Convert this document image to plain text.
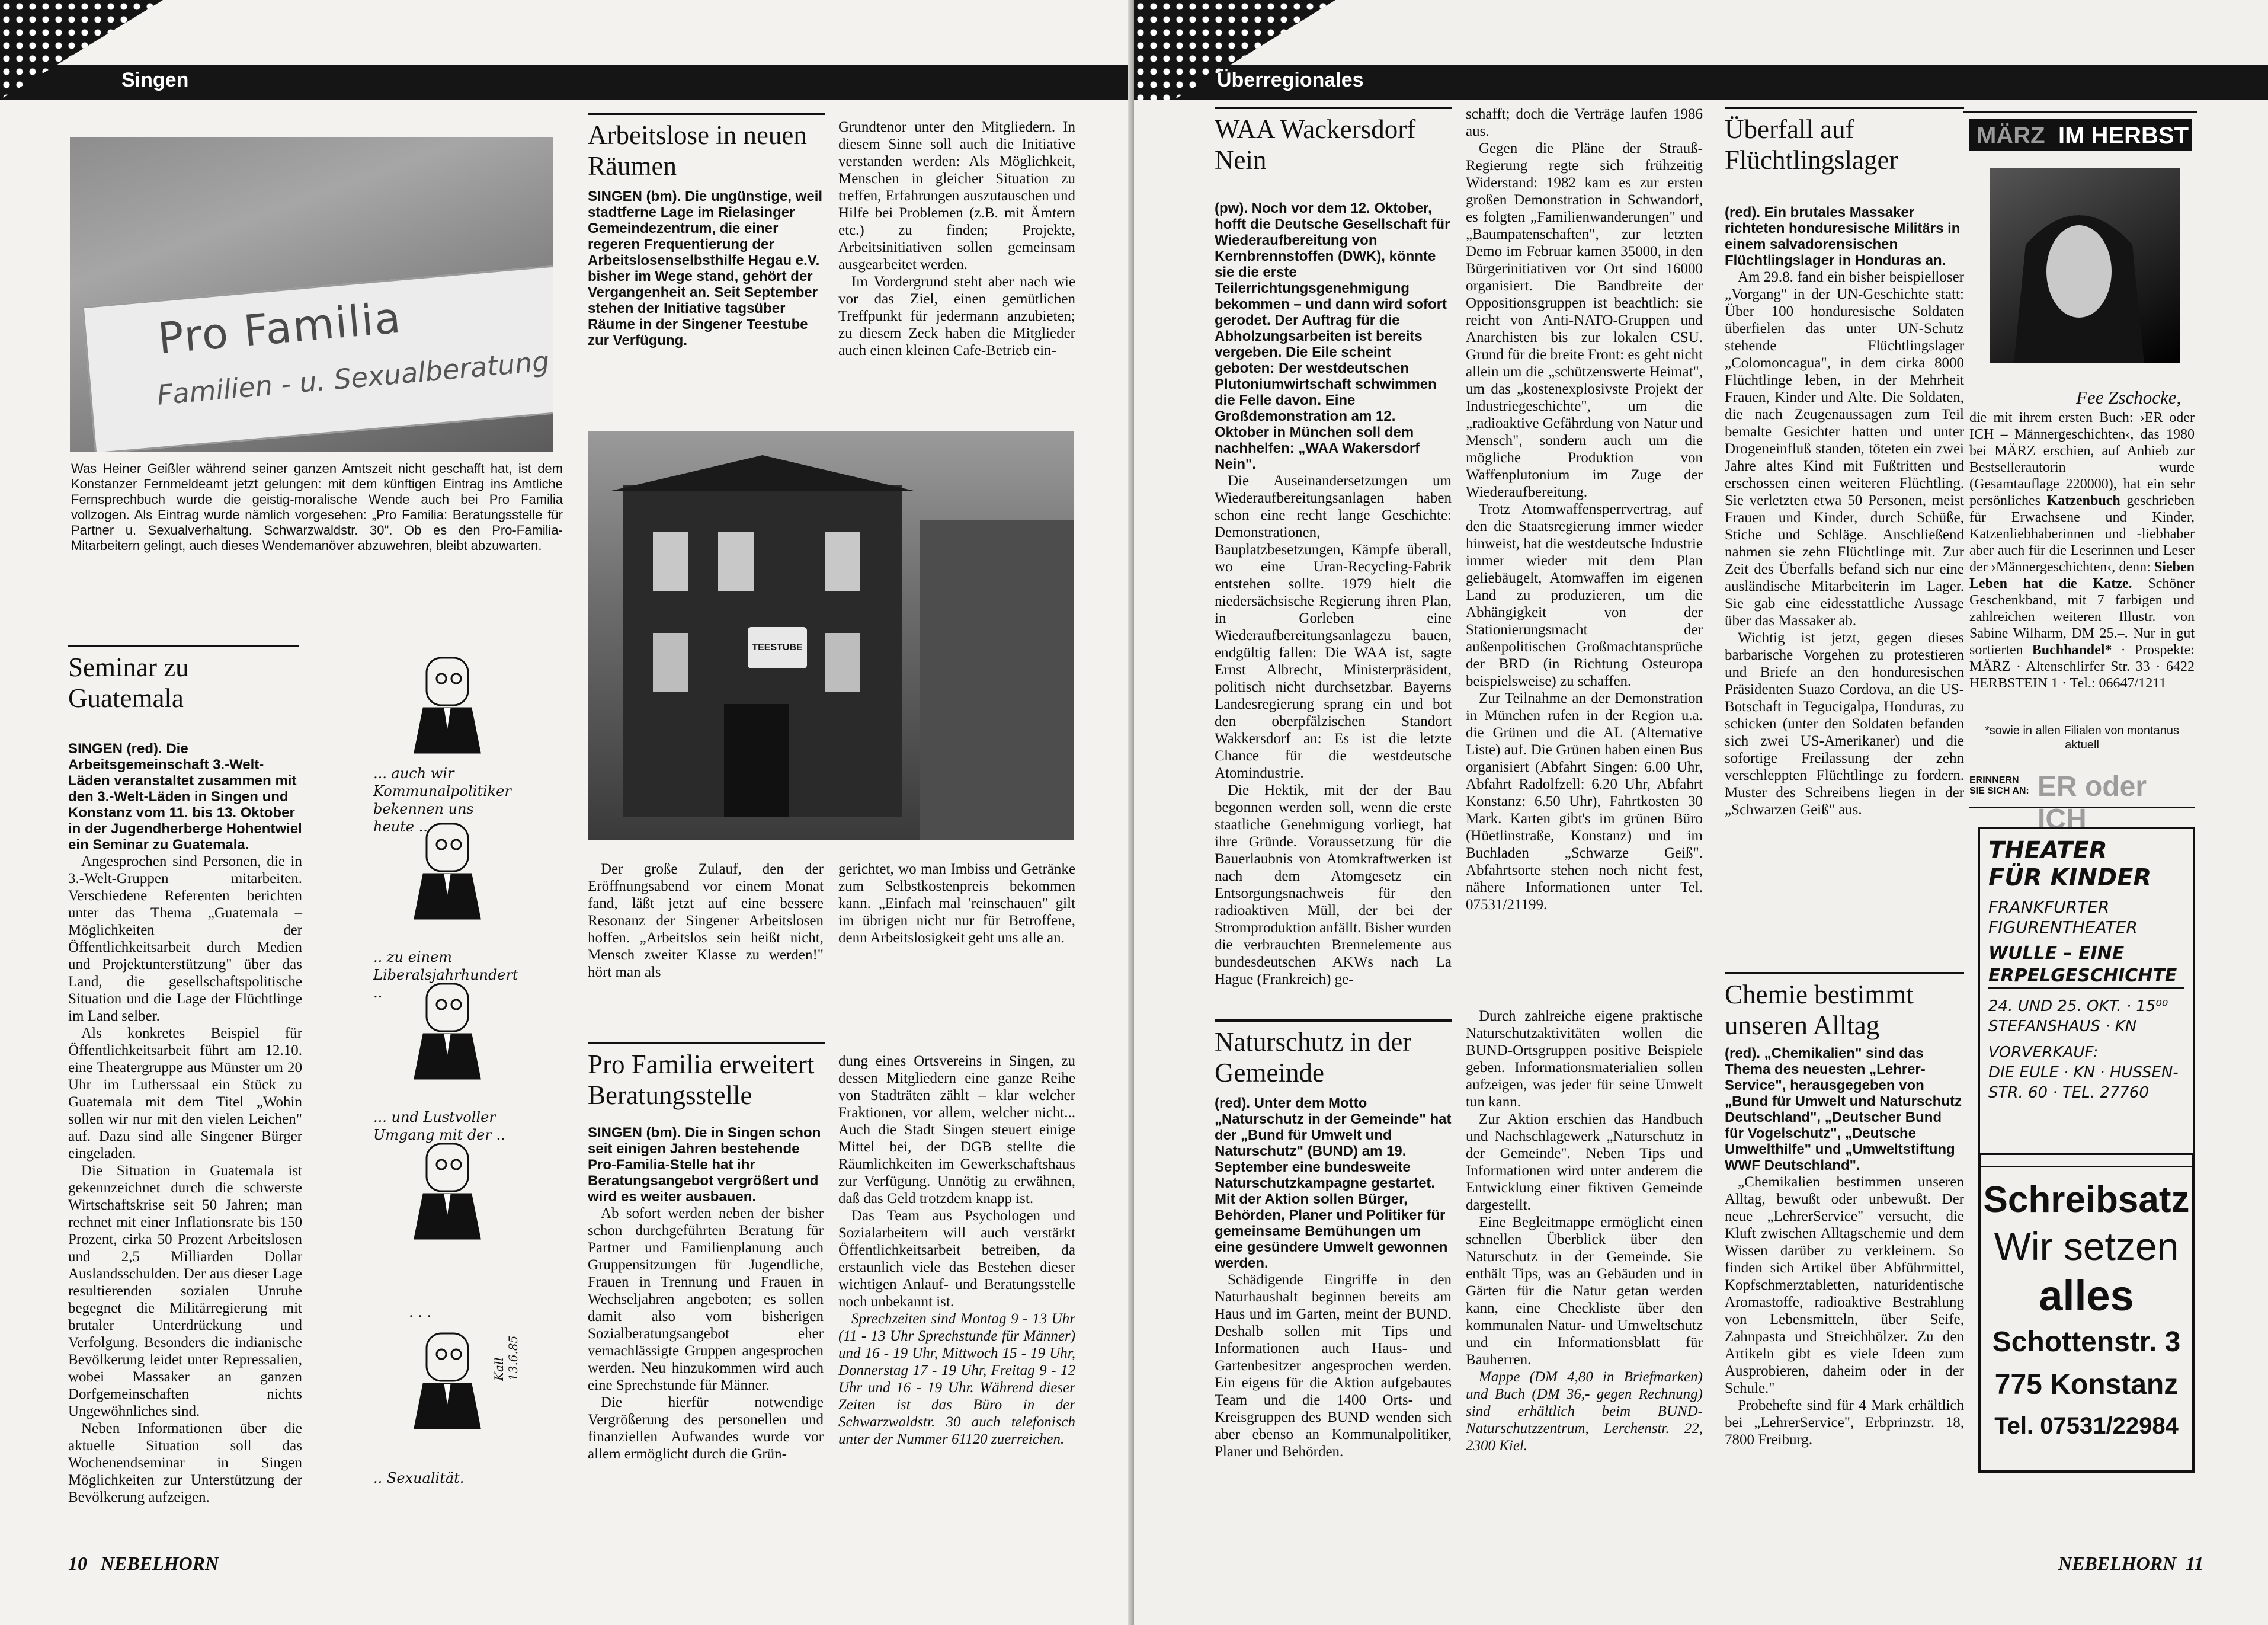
Singen
Pro Familia
Familien - u. Sexualberatung
Was Heiner Geißler während seiner ganzen Amtszeit nicht geschafft hat, ist dem Konstanzer Fernmeldeamt jetzt gelungen: mit dem künftigen Eintrag ins Amtliche Fernsprechbuch wurde die geistig-moralische Wende auch bei Pro Familia vollzogen. Als Eintrag wurde nämlich vorgesehen: „Pro Familia: Beratungsstelle für Partner u. Sexualverhaltung. Schwarzwaldstr. 30". Ob es den Pro-Familia-Mitarbeitern gelingt, auch dieses Wendemanöver abzuwehren, bleibt abzuwarten.
Seminar zu Guatemala

SINGEN (red). Die Arbeitsgemeinschaft 3.-Welt-Läden veranstaltet zusammen mit den 3.-Welt-Läden in Singen und Konstanz vom 11. bis 13. Oktober in der Jugendherberge Hohentwiel ein Seminar zu Guatemala.

Angesprochen sind Personen, die in 3.-Welt-Gruppen mitarbeiten. Verschiedene Referenten berichten unter das Thema „Guatemala – Möglichkeiten der Öffentlichkeitsarbeit durch Medien und Projektunterstützung" über das Land, die gesellschaftspolitische Situation und die Lage der Flüchtlinge im Land selber.

Als konkretes Beispiel für Öffentlichkeitsarbeit führt am 12.10. eine Theatergruppe aus Münster um 20 Uhr im Lutherssaal ein Stück zu Guatemala mit dem Titel „Wohin sollen wir nur mit den vielen Leichen" auf. Dazu sind alle Singener Bürger eingeladen.

Die Situation in Guatemala ist gekennzeichnet durch die schwerste Wirtschaftskrise seit 50 Jahren; man rechnet mit einer Inflationsrate bis 150 Prozent, cirka 50 Prozent Arbeitslosen und 2,5 Milliarden Dollar Auslandsschulden. Der aus dieser Lage resultierenden sozialen Unruhe begegnet die Militärregierung mit brutaler Unterdrückung und Verfolgung. Besonders die indianische Bevölkerung leidet unter Repressalien, wobei Massaker an ganzen Dorfgemeinschaften nichts Ungewöhnliches sind.

Neben Informationen über die aktuelle Situation soll das Wochenendseminar in Singen Möglichkeiten zur Unterstützung der Bevölkerung aufzeigen.

... auch wir Kommunalpolitiker bekennen uns heute ..
.. zu einem Liberalsjahrhundert ..
... und Lustvoller Umgang mit der ..
. . .
.. Sexualität.
Kall 13.6.85
Arbeitslose in neuen Räumen

SINGEN (bm). Die ungünstige, weil stadtferne Lage im Rielasinger Gemeindezentrum, die einer regeren Frequentierung der Arbeitslosenselbsthilfe Hegau e.V. bisher im Wege stand, gehört der Vergangenheit an. Seit September stehen der Initiative tagsüber Räume in der Singener Teestube zur Verfügung.

Grundtenor unter den Mitgliedern. In diesem Sinne soll auch die Initiative verstanden werden: Als Möglichkeit, Menschen in gleicher Situation zu treffen, Erfahrungen auszutauschen und Hilfe bei Problemen (z.B. mit Ämtern etc.) zu finden; Projekte, Arbeitsinitiativen sollen gemeinsam ausgearbeitet werden.

Im Vordergrund steht aber nach wie vor das Ziel, einen gemütlichen Treffpunkt für jedermann anzubieten; zu diesem Zeck haben die Mitglieder auch einen kleinen Cafe-Betrieb ein-

TEESTUBE

Der große Zulauf, den der Eröffnungsabend vor einem Monat fand, läßt jetzt auf eine bessere Resonanz der Singener Arbeitslosen hoffen. „Arbeitslos sein heißt nicht, Mensch zweiter Klasse zu werden!" hört man als

gerichtet, wo man Imbiss und Getränke zum Selbstkostenpreis bekommen kann. „Einfach mal 'reinschauen" gilt im übrigen nicht nur für Betroffene, denn Arbeitslosigkeit geht uns alle an.

Pro Familia erweitert Beratungsstelle

SINGEN (bm). Die in Singen schon seit einigen Jahren bestehende Pro-Familia-Stelle hat ihr Beratungsangebot vergrößert und wird es weiter ausbauen.

Ab sofort werden neben der bisher schon durchgeführten Beratung für Partner und Familienplanung auch Gruppensitzungen für Jugendliche, Frauen in Trennung und Frauen in Wechseljahren angeboten; es sollen damit also vom bisherigen Sozialberatungsangebot eher vernachlässigte Gruppen angesprochen werden. Neu hinzukommen wird auch eine Sprechstunde für Männer.

Die hierfür notwendige Vergrößerung des personellen und finanziellen Aufwandes wurde vor allem ermöglicht durch die Grün-

dung eines Ortsvereins in Singen, zu dessen Mitgliedern eine ganze Reihe von Stadträten zählt – klar welcher Fraktionen, vor allem, welcher nicht... Auch die Stadt Singen steuert einige Mittel bei, der DGB stellte die Räumlichkeiten im Gewerkschaftshaus zur Verfügung. Unnötig zu erwähnen, daß das Geld trotzdem knapp ist.

Das Team aus Psychologen und Sozialarbeitern will auch verstärkt Öffentlichkeitsarbeit betreiben, da erstaunlich viele das Bestehen dieser wichtigen Anlauf- und Beratungsstelle noch unbekannt ist.

Sprechzeiten sind Montag 9 - 13 Uhr (11 - 13 Uhr Sprechstunde für Männer) und 16 - 19 Uhr, Mittwoch 15 - 19 Uhr, Donnerstag 17 - 19 Uhr, Freitag 9 - 12 Uhr und 16 - 19 Uhr. Während dieser Zeiten ist das Büro in der Schwarzwaldstr. 30 auch telefonisch unter der Nummer 61120 zuerreichen.

10 NEBELHORN
Überregionales
WAA Wackersdorf Nein

(pw). Noch vor dem 12. Oktober, hofft die Deutsche Gesellschaft für Wiederaufbereitung von Kernbrennstoffen (DWK), könnte sie die erste Teilerrichtungsgenehmigung bekommen – und dann wird sofort gerodet. Der Auftrag für die Abholzungsarbeiten ist bereits vergeben. Die Eile scheint geboten: Der westdeutschen Plutoniumwirtschaft schwimmen die Felle davon. Eine Großdemonstration am 12. Oktober in München soll dem nachhelfen: „WAA Wakersdorf Nein".

Die Auseinandersetzungen um Wiederaufbereitungsanlagen haben schon eine recht lange Geschichte: Demonstrationen, Bauplatzbesetzungen, Kämpfe überall, wo eine Uran-Recycling-Fabrik entstehen sollte. 1979 hielt die niedersächsische Regierung ihren Plan, in Gorleben eine Wiederaufbereitungsanlagezu bauen, endgültig fallen: Die WAA ist, sagte Ernst Albrecht, Ministerpräsident, politisch nicht durchsetzbar. Bayerns Landesregierung sprang ein und bot den oberpfälzischen Standort Wakkersdorf an: Es ist die letzte Chance für die westdeutsche Atomindustrie.

Die Hektik, mit der der Bau begonnen werden soll, wenn die erste staatliche Genehmigung vorliegt, hat ihre Gründe. Voraussetzung für die Bauerlaubnis von Atomkraftwerken ist nach dem Atomgesetz ein Entsorgungsnachweis für den radioaktiven Müll, der bei der Stromproduktion anfällt. Bisher wurden die verbrauchten Brennelemente aus bundesdeutschen AKWs nach La Hague (Frankreich) ge-

schafft; doch die Verträge laufen 1986 aus.

Gegen die Pläne der Strauß-Regierung regte sich frühzeitig Widerstand: 1982 kam es zur ersten großen Demonstration in Schwandorf, es folgten „Familienwanderungen" und „Baumpatenschaften", zur letzten Demo im Februar kamen 35000, in den Bürgerinitiativen vor Ort sind 16000 organisiert. Die Bandbreite der Oppositionsgruppen ist beachtlich: sie reicht von Anti-NATO-Gruppen und Anarchisten bis zur lokalen CSU. Grund für die breite Front: es geht nicht allein um die „schützenswerte Heimat", um das „kostenexplosivste Projekt der Industriegeschichte", um die „radioaktive Gefährdung von Natur und Mensch", sondern auch um die mögliche Produktion von Waffenplutonium im Zuge der Wiederaufbereitung.

Trotz Atomwaffensperrvertrag, auf den die Staatsregierung immer wieder hinweist, hat die westdeutsche Industrie immer wieder mit dem Plan geliebäugelt, Atomwaffen im eigenen Land zu produzieren, um die Abhängigkeit von der Stationierungsmacht der außenpolitischen Großmachtansprüche der BRD (in Richtung Osteuropa beispielsweise) zu schaffen.

Zur Teilnahme an der Demonstration in München rufen in der Region u.a. die Grünen und die AL (Alternative Liste) auf. Die Grünen haben einen Bus organisiert (Abfahrt Singen: 6.00 Uhr, Abfahrt Radolfzell: 6.20 Uhr, Abfahrt Konstanz: 6.50 Uhr), Fahrtkosten 30 Mark. Karten gibt's im grünen Büro (Hüetlinstraße, Konstanz) und im Buchladen „Schwarze Geiß". Abfahrtsorte stehen noch nicht fest, nähere Informationen unter Tel. 07531/21199.

Naturschutz in der Gemeinde

(red). Unter dem Motto „Naturschutz in der Gemeinde" hat der „Bund für Umwelt und Naturschutz" (BUND) am 19. September eine bundesweite Naturschutzkampagne gestartet. Mit der Aktion sollen Bürger, Behörden, Planer und Politiker für gemeinsame Bemühungen um eine gesündere Umwelt gewonnen werden.

Schädigende Eingriffe in den Naturhaushalt beginnen bereits am Haus und im Garten, meint der BUND. Deshalb sollen mit Tips und Informationen auch Haus- und Gartenbesitzer angesprochen werden. Ein eigens für die Aktion aufgebautes Team und die 1400 Orts- und Kreisgruppen des BUND wenden sich aber ebenso an Kommunalpolitiker, Planer und Behörden.

Durch zahlreiche eigene praktische Naturschutzaktivitäten wollen die BUND-Ortsgruppen positive Beispiele geben. Informationsmaterialien sollen aufzeigen, was jeder für seine Umwelt tun kann.

Zur Aktion erschien das Handbuch und Nachschlagewerk „Naturschutz in der Gemeinde". Neben Tips und Informationen wird unter anderem die Entwicklung einer fiktiven Gemeinde dargestellt.

Eine Begleitmappe ermöglicht einen schnellen Überblick über den Naturschutz in der Gemeinde. Sie enthält Tips, was an Gebäuden und in Gärten für die Natur getan werden kann, eine Checkliste über den kommunalen Natur- und Umweltschutz und ein Informationsblatt für Bauherren.

Mappe (DM 4,80 in Briefmarken) und Buch (DM 36,- gegen Rechnung) sind erhältlich beim BUND-Naturschutzzentrum, Lerchenstr. 22, 2300 Kiel.

Überfall auf Flüchtlingslager

(red). Ein brutales Massaker richteten honduresische Militärs in einem salvadorensischen Flüchtlingslager in Honduras an.

Am 29.8. fand ein bisher beispielloser „Vorgang" in der UN-Geschichte statt: Über 100 honduresische Soldaten überfielen das unter UN-Schutz stehende Flüchtlingslager „Colomoncagua", in dem cirka 8000 Flüchtlinge leben, in der Mehrheit Frauen, Kinder und Alte. Die Soldaten, die nach Zeugenaussagen zum Teil bemalte Gesichter hatten und unter Drogeneinfluß standen, töteten ein zwei Jahre altes Kind mit Fußtritten und erschossen einen weiteren Flüchtling. Sie verletzten etwa 50 Personen, meist Frauen und Kinder, durch Schüße, Stiche und Schläge. Anschließend nahmen sie zehn Flüchtlinge mit. Zur Zeit des Überfalls befand sich nur eine ausländische Mitarbeiterin im Lager. Sie gab eine eidesstattliche Aussage über das Massaker ab.

Wichtig ist jetzt, gegen dieses barbarische Vorgehen zu protestieren und Briefe an den honduresischen Präsidenten Suazo Cordova, an die US-Botschaft in Tegucigalpa, Honduras, zu schicken (unter den Soldaten befanden sich zwei US-Amerikaner) und die sofortige Freilassung der zehn verschleppten Flüchtlinge zu fordern. Muster des Schreibens liegen in der „Schwarzen Geiß" aus.

Chemie bestimmt unseren Alltag

(red). „Chemikalien" sind das Thema des neuesten „Lehrer-Service", herausgegeben von „Bund für Umwelt und Naturschutz Deutschland", „Deutscher Bund für Vogelschutz", „Deutsche Umwelthilfe" und „Umweltstiftung WWF Deutschland".

„Chemikalien bestimmen unseren Alltag, bewußt oder unbewußt. Der neue „LehrerService" versucht, die Kluft zwischen Alltagschemie und dem Wissen darüber zu verkleinern. So finden sich Artikel über Abführmittel, Kopfschmerztabletten, naturidentische Aromastoffe, radioaktive Bestrahlung von Lebensmitteln, über Seife, Zahnpasta und Streichhölzer. Zu den Artikeln gibt es viele Ideen zum Ausprobieren, daheim oder in der Schule."

Probehefte sind für 4 Mark erhältlich bei „LehrerService", Erbprinzstr. 18, 7800 Freiburg.

MÄRZ IM HERBST
Fee Zschocke,
die mit ihrem ersten Buch: ›ER oder ICH – Männergeschichten‹, das 1980 bei MÄRZ erschien, auf Anhieb zur Bestsellerautorin wurde (Gesamtauflage 220000), hat ein sehr persönliches Katzenbuch geschrieben für Erwachsene und Kinder, Katzenliebhaberinnen und -liebhaber aber auch für die Leserinnen und Leser der ›Männergeschichten‹, denn: Sieben Leben hat die Katze. Schöner Geschenkband, mit 7 farbigen und zahlreichen weiteren Illustr. von Sabine Wilharm, DM 25.–. Nur in gut sortierten Buchhandel* · Prospekte: MÄRZ · Altenschlirfer Str. 33 · 6422 HERBSTEIN 1 · Tel.: 06647/1211
*sowie in allen Filialen von montanus aktuell
ERINNERN
SIE SICH AN: ER oder ICH
THEATER
FÜR KINDER
FRANKFURTER
FIGURENTHEATER
WULLE – EINE
ERPELGESCHICHTE
24. UND 25. OKT. · 15⁰⁰
STEFANSHAUS · KN
VORVERKAUF:
DIE EULE · KN · HUSSEN-
STR. 60 · TEL. 27760
Schreibsatz
Wir setzen
alles
Schottenstr. 3
775 Konstanz
Tel. 07531/22984
NEBELHORN 11
